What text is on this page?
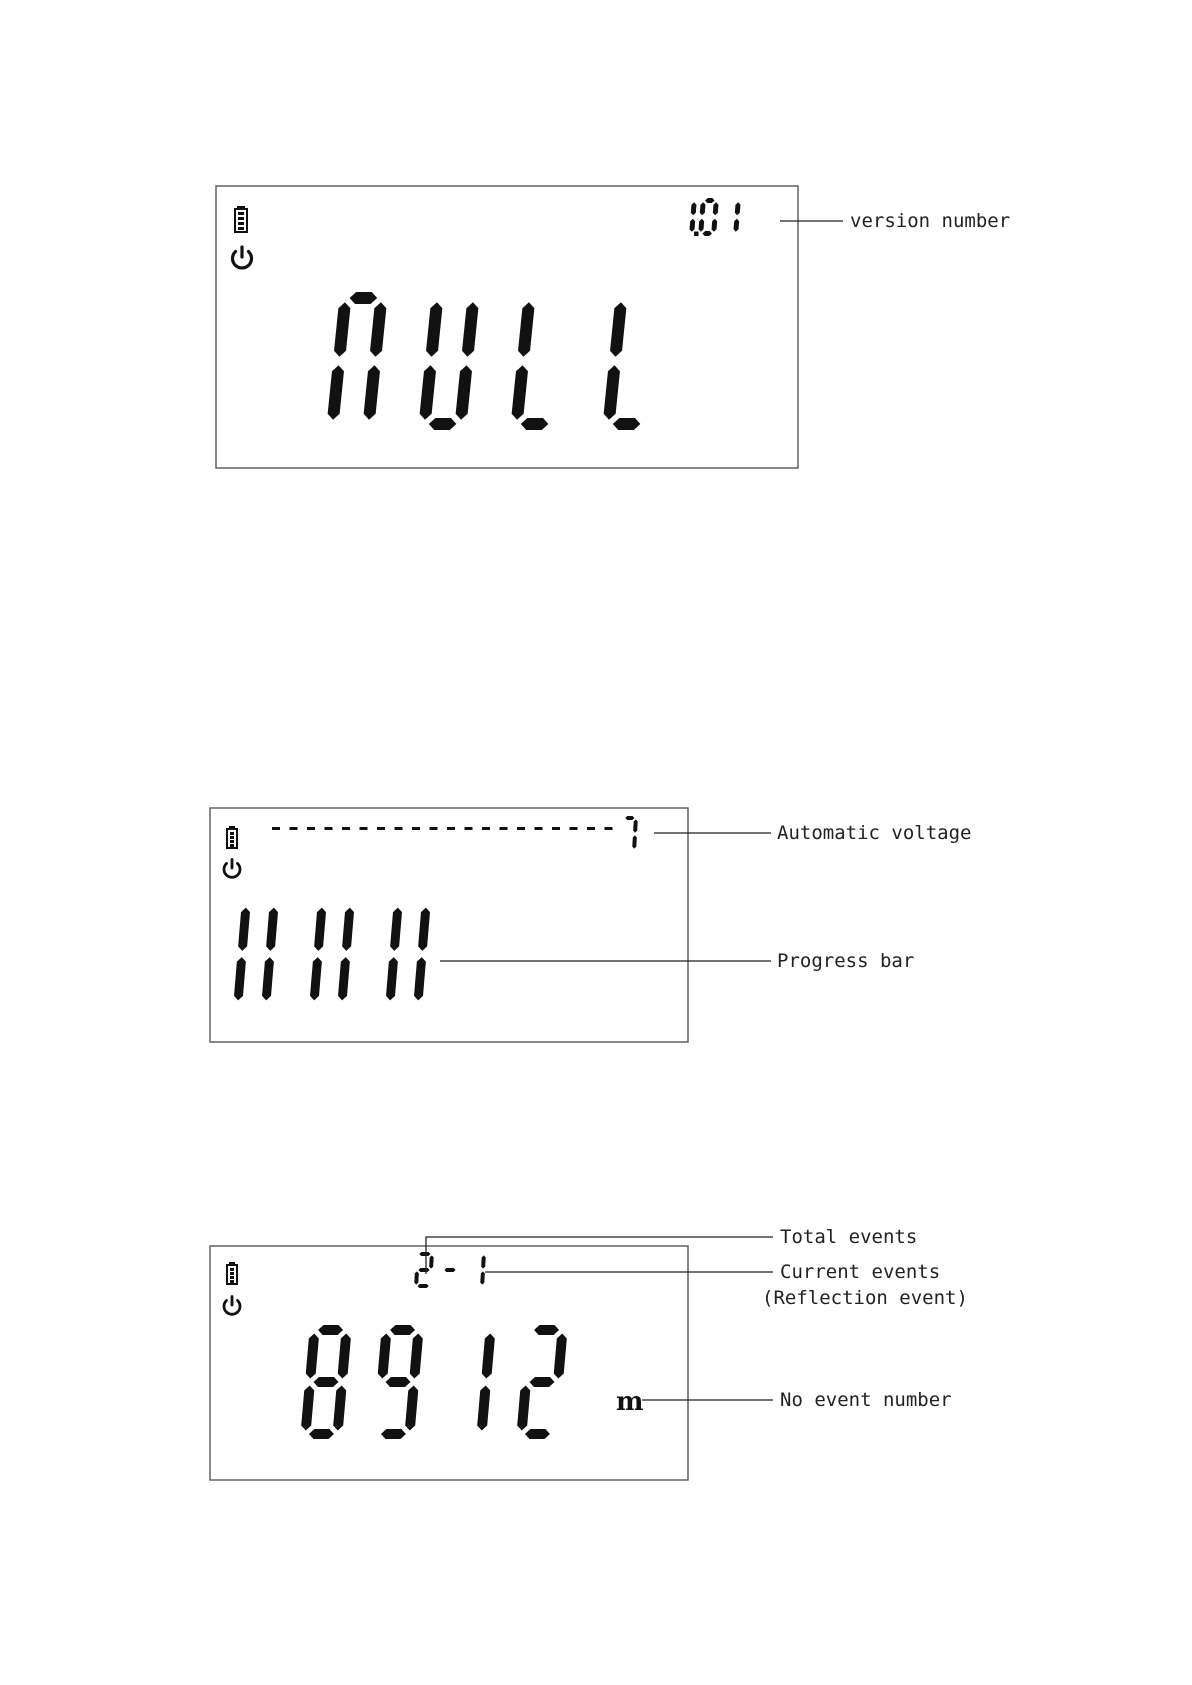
version number
Automatic voltage
Progress bar
m
Total events
Current events
(Reflection event)
No event number
